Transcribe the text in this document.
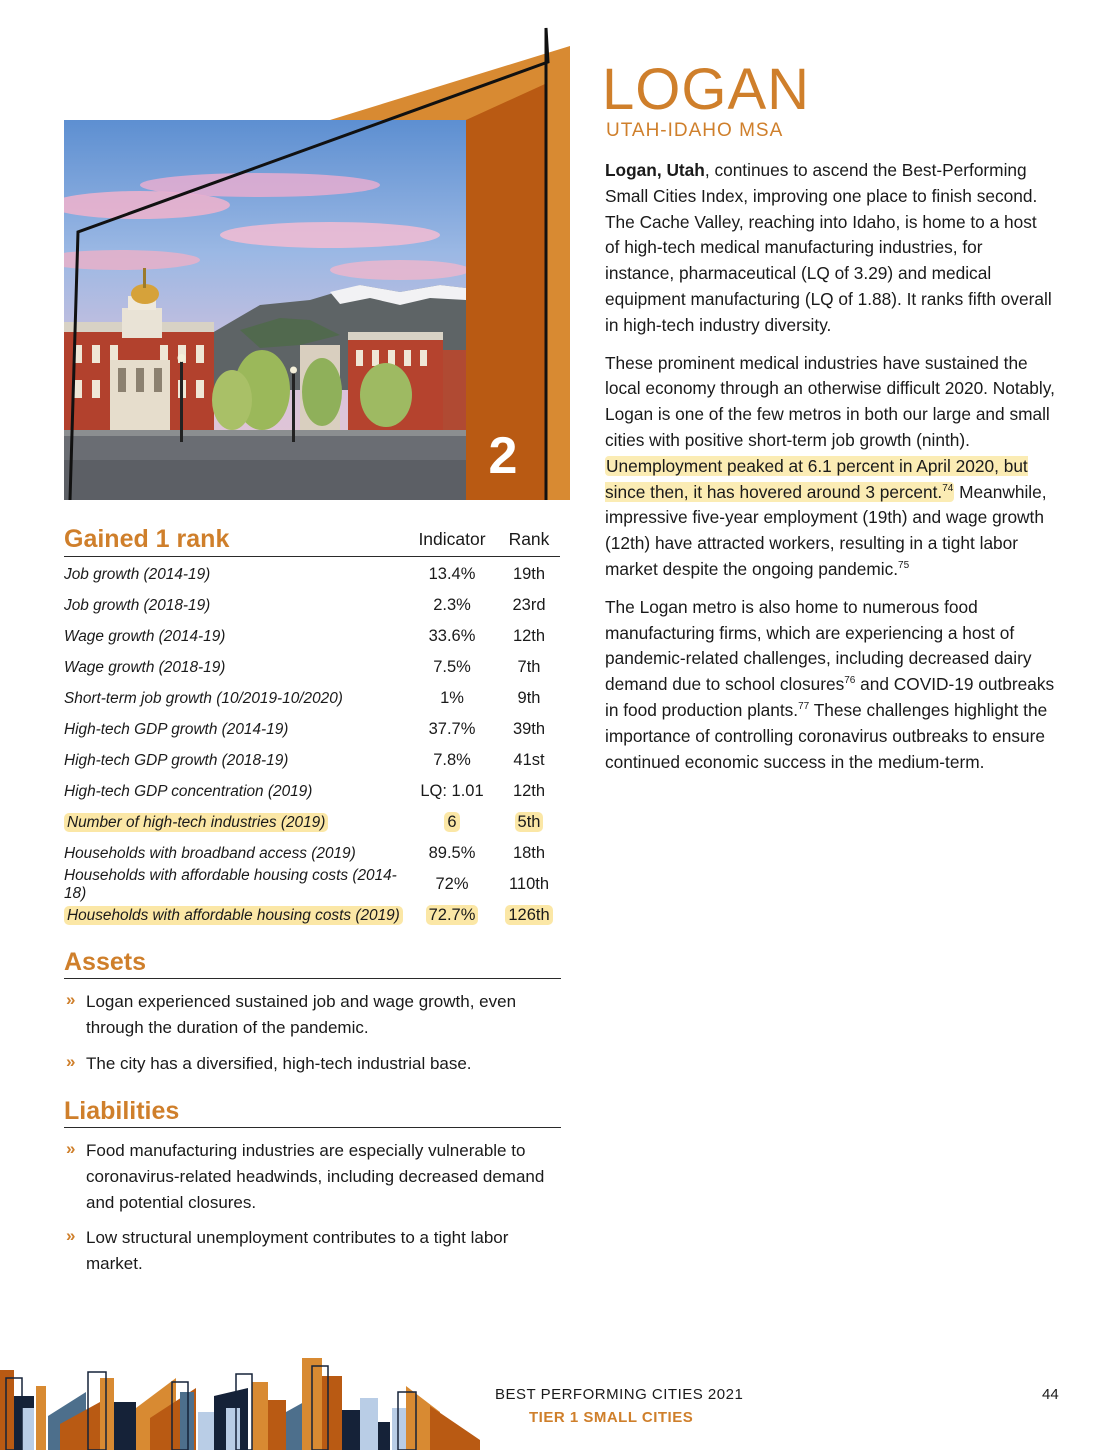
2
LOGAN
UTAH-IDAHO MSA

Logan, Utah, continues to ascend the Best-Performing Small Cities Index, improving one place to finish second. The Cache Valley, reaching into Idaho, is home to a host of high-tech medical manufacturing industries, for instance, pharmaceutical (LQ of 3.29) and medical equipment manufacturing (LQ of 1.88). It ranks fifth overall in high-tech industry diversity.

These prominent medical industries have sustained the local economy through an otherwise difficult 2020. Notably, Logan is one of the few metros in both our large and small cities with positive short-term job growth (ninth). Unemployment peaked at 6.1 percent in April 2020, but since then, it has hovered around 3 percent.$^{74}$ Meanwhile, impressive five-year employment (19th) and wage growth (12th) have attracted workers, resulting in a tight labor market despite the ongoing pandemic.$^{75}$

The Logan metro is also home to numerous food manufacturing firms, which are experiencing a host of pandemic-related challenges, including decreased dairy demand due to school closures$^{76}$ and COVID-19 outbreaks in food production plants.$^{77}$ These challenges highlight the importance of controlling coronavirus outbreaks to ensure continued economic success in the medium-term.

Gained 1 rank	Indicator	Rank
Job growth (2014-19)	13.4%	19th
Job growth (2018-19)	2.3%	23rd
Wage growth (2014-19)	33.6%	12th
Wage growth (2018-19)	7.5%	7th
Short-term job growth (10/2019-10/2020)	1%	9th
High-tech GDP growth (2014-19)	37.7%	39th
High-tech GDP growth (2018-19)	7.8%	41st
High-tech GDP concentration (2019)	LQ: 1.01	12th
Number of high-tech industries (2019)	6	5th
Households with broadband access (2019)	89.5%	18th
Households with affordable housing costs (2014-18)	72%	110th
Households with affordable housing costs (2019)	72.7%	126th
Assets
» Logan experienced sustained job and wage growth, even through the duration of the pandemic.
» The city has a diversified, high-tech industrial base.
Liabilities
» Food manufacturing industries are especially vulnerable to coronavirus-related headwinds, including decreased demand and potential closures.
» Low structural unemployment contributes to a tight labor market.
BEST PERFORMING CITIES 2021
TIER 1 SMALL CITIES
44
